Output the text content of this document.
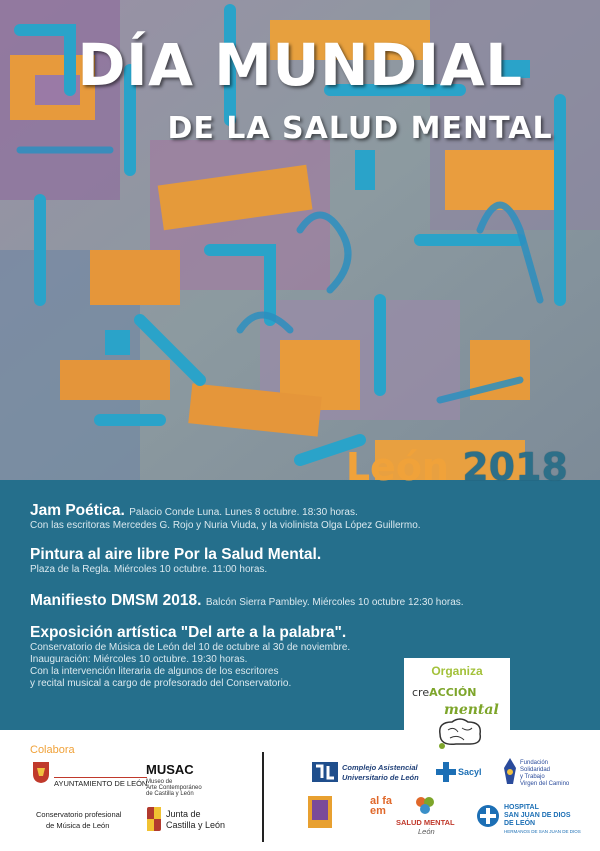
DÍA MUNDIAL
DE LA SALUD MENTAL
León 2018
Jam Poética. Palacio Conde Luna. Lunes 8 octubre. 18:30 horas.
Con las escritoras Mercedes G. Rojo y Nuria Viuda, y la violinista Olga López Guillermo.
Pintura al aire libre Por la Salud Mental.
Plaza de la Regla. Miércoles 10 octubre. 11:00 horas.
Manifiesto DMSM 2018. Balcón Sierra Pambley. Miércoles 10 octubre 12:30 horas.
Exposición artística "Del arte a la palabra".
Conservatorio de Música de León del 10 de octubre al 30 de noviembre.
Inauguración: Miércoles 10 octubre. 19:30 horas.
Con la intervención literaria de algunos de los escritores
y recital musical a cargo de profesorado del Conservatorio.
Organiza
creACCIÓN
mental
Colabora
AYUNTAMIENTO DE LEÓN
MUSAC
Museo de
Arte Contemporáneo
de Castilla y León
Conservatorio profesional
de Música de León
Junta de
Castilla y León
Complejo Asistencial
Universitario de León
Sacyl
Fundación
Solidaridad
y Trabajo
Virgen del Camino
al fa em
SALUD MENTAL
León
HOSPITAL
SAN JUAN DE DIOS
DE LEÓN
HERMANOS DE SAN JUAN DE DIOS
